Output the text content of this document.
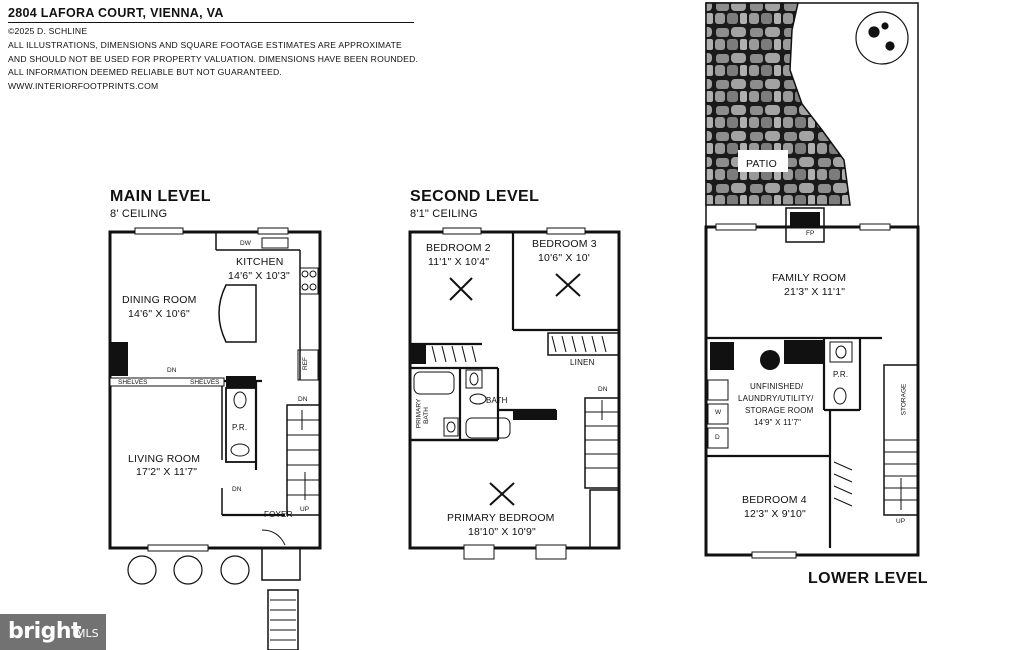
2804 LAFORA COURT, VIENNA, VA
©2025 D. SCHLINE
ALL ILLUSTRATIONS, DIMENSIONS AND SQUARE FOOTAGE ESTIMATES ARE APPROXIMATE
AND SHOULD NOT BE USED FOR PROPERTY VALUATION. DIMENSIONS HAVE BEEN ROUNDED.
ALL INFORMATION DEEMED RELIABLE BUT NOT GUARANTEED.
WWW.INTERIORFOOTPRINTS.COM
MAIN LEVEL
8' CEILING
KITCHEN
14'6" X 10'3"
DINING ROOM
14'6" X 10'6"
LIVING ROOM
17'2" X 11'7"
P.R.
FOYER
DW
REF
SHELVES	SHELVES
DN
DN
DN
UP
SECOND LEVEL
8'1" CEILING
BEDROOM 2
11'1" X 10'4"
BEDROOM 3
10'6" X 10'
LINEN
BATH
PRIMARY BATH
PRIMARY BEDROOM
18'10" X 10'9"
DN
PATIO
GAS
FP
FAMILY ROOM
21'3" X 11'1"
UNFINISHED/
LAUNDRY/UTILITY/
STORAGE ROOM
14'9" X 11'7"
P.R.
STORAGE
W
D
BEDROOM 4
12'3" X 9'10"
UP
LOWER LEVEL
bright
MLS
